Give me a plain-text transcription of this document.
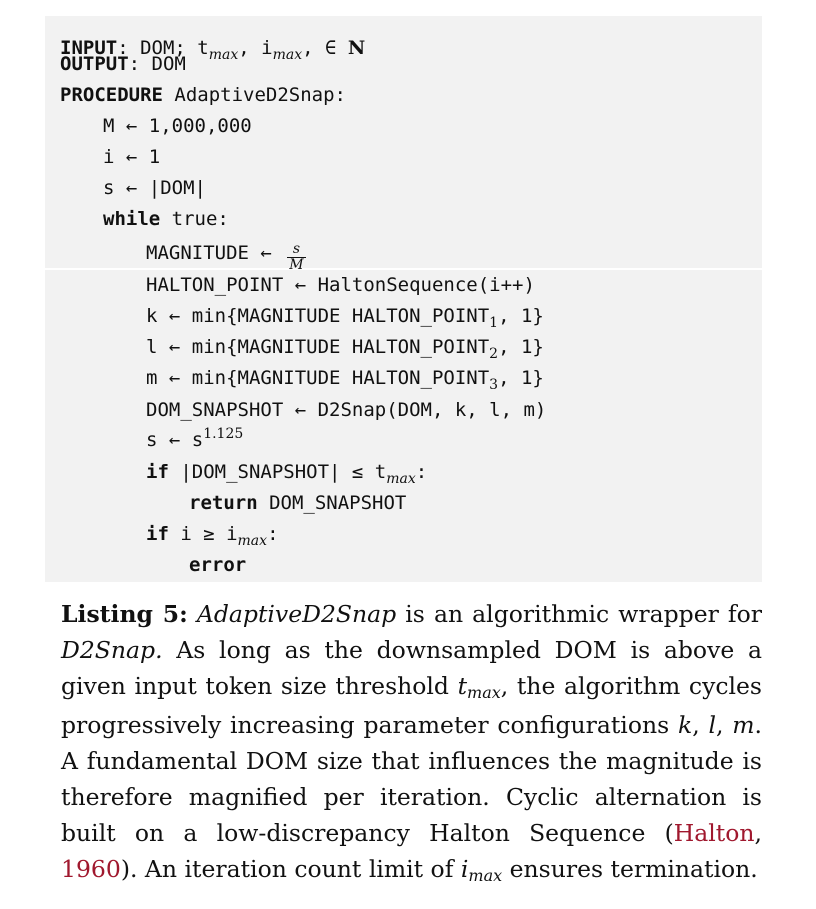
INPUT: DOM; $t_{max}$, $i_{max}$, ∈ N
OUTPUT: DOM
PROCEDURE AdaptiveD2Snap:
M ← 1,000,000
i ← 1
s ← |DOM|
while true:
MAGNITUDE ← $\frac{s}{M}$
HALTON_POINT ← HaltonSequence(i++)
k ← min{MAGNITUDE $HALTON\_POINT_1$, 1}
l ← min{MAGNITUDE $HALTON\_POINT_2$, 1}
m ← min{MAGNITUDE $HALTON\_POINT_3$, 1}
DOM_SNAPSHOT ← D2Snap(DOM, k, l, m)
s ← $s^{1.125}$
if |DOM_SNAPSHOT| ≤ $t_{max}$:
return DOM_SNAPSHOT
if $i \ge i_{max}$:
error
Listing 5: AdaptiveD2Snap is an algorithmic wrapper for D2Snap. As long as the downsampled DOM is above a given input token size threshold tmax, the algorithm cycles progressively increasing parameter configurations k, l, m. A fundamental DOM size that influences the magnitude is therefore magnified per iteration. Cyclic alternation is built on a low-discrepancy Halton Sequence (Halton, 1960). An iteration count limit of imax ensures termination.
